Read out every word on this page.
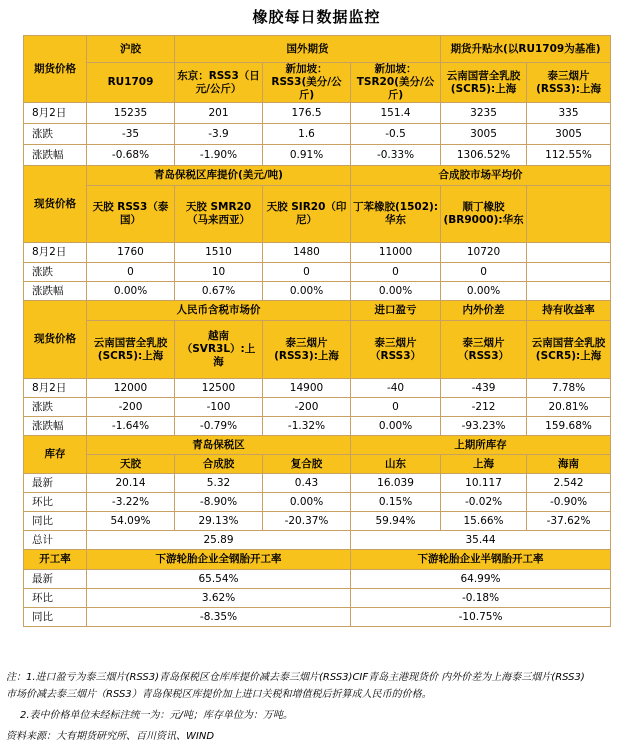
橡胶每日数据监控
期货价格	沪胶	国外期货			期货升贴水(以RU1709为基准)	
	RU1709	东京：RSS3（日元/公斤）	新加坡：RSS3(美分/公斤)	新加坡：TSR20(美分/公斤)	云南国营全乳胶(SCR5):上海	泰三烟片(RSS3):上海
8月2日	15235	201	176.5	151.4	3235	335
涨跌	-35	-3.9	1.6	-0.5	3005	3005
涨跌幅	-0.68%	-1.90%	0.91%	-0.33%	1306.52%	112.55%
现货价格	青岛保税区库提价(美元/吨)			合成胶市场平均价		
	天胶 RSS3（泰国）	天胶 SMR20（马来西亚）	天胶 SIR20（印尼）	丁苯橡胶(1502):华东	顺丁橡胶(BR9000):华东	
8月2日	1760	1510	1480	11000	10720	
涨跌	0	10	0	0	0	
涨跌幅	0.00%	0.67%	0.00%	0.00%	0.00%	
现货价格	人民币含税市场价			进口盈亏	内外价差	持有收益率
	云南国营全乳胶(SCR5):上海	越南（SVR3L）:上海	泰三烟片(RSS3):上海	泰三烟片（RSS3）	泰三烟片（RSS3）	云南国营全乳胶(SCR5):上海
8月2日	12000	12500	14900	-40	-439	7.78%
涨跌	-200	-100	-200	0	-212	20.81%
涨跌幅	-1.64%	-0.79%	-1.32%	0.00%	-93.23%	159.68%
库存	青岛保税区			上期所库存		
	天胶	合成胶	复合胶	山东	上海	海南
最新	20.14	5.32	0.43	16.039	10.117	2.542
环比	-3.22%	-8.90%	0.00%	0.15%	-0.02%	-0.90%
同比	54.09%	29.13%	-20.37%	59.94%	15.66%	-37.62%
总计	25.89			35.44		
开工率	下游轮胎企业全钢胎开工率			下游轮胎企业半钢胎开工率		
最新	65.54%			64.99%		
环比	3.62%			-0.18%		
同比	-8.35%			-10.75%		
注：1.进口盈亏为泰三烟片(RSS3)青岛保税区仓库库提价减去泰三烟片(RSS3)CIF青岛主港现货价 内外价差为上海泰三烟片(RSS3)
市场价减去泰三烟片（RSS3）青岛保税区库提价加上进口关税和增值税后折算成人民币的价格。
2.表中价格单位未经标注统一为：元/吨；库存单位为：万吨。
资料来源：大有期货研究所、百川资讯、WIND
